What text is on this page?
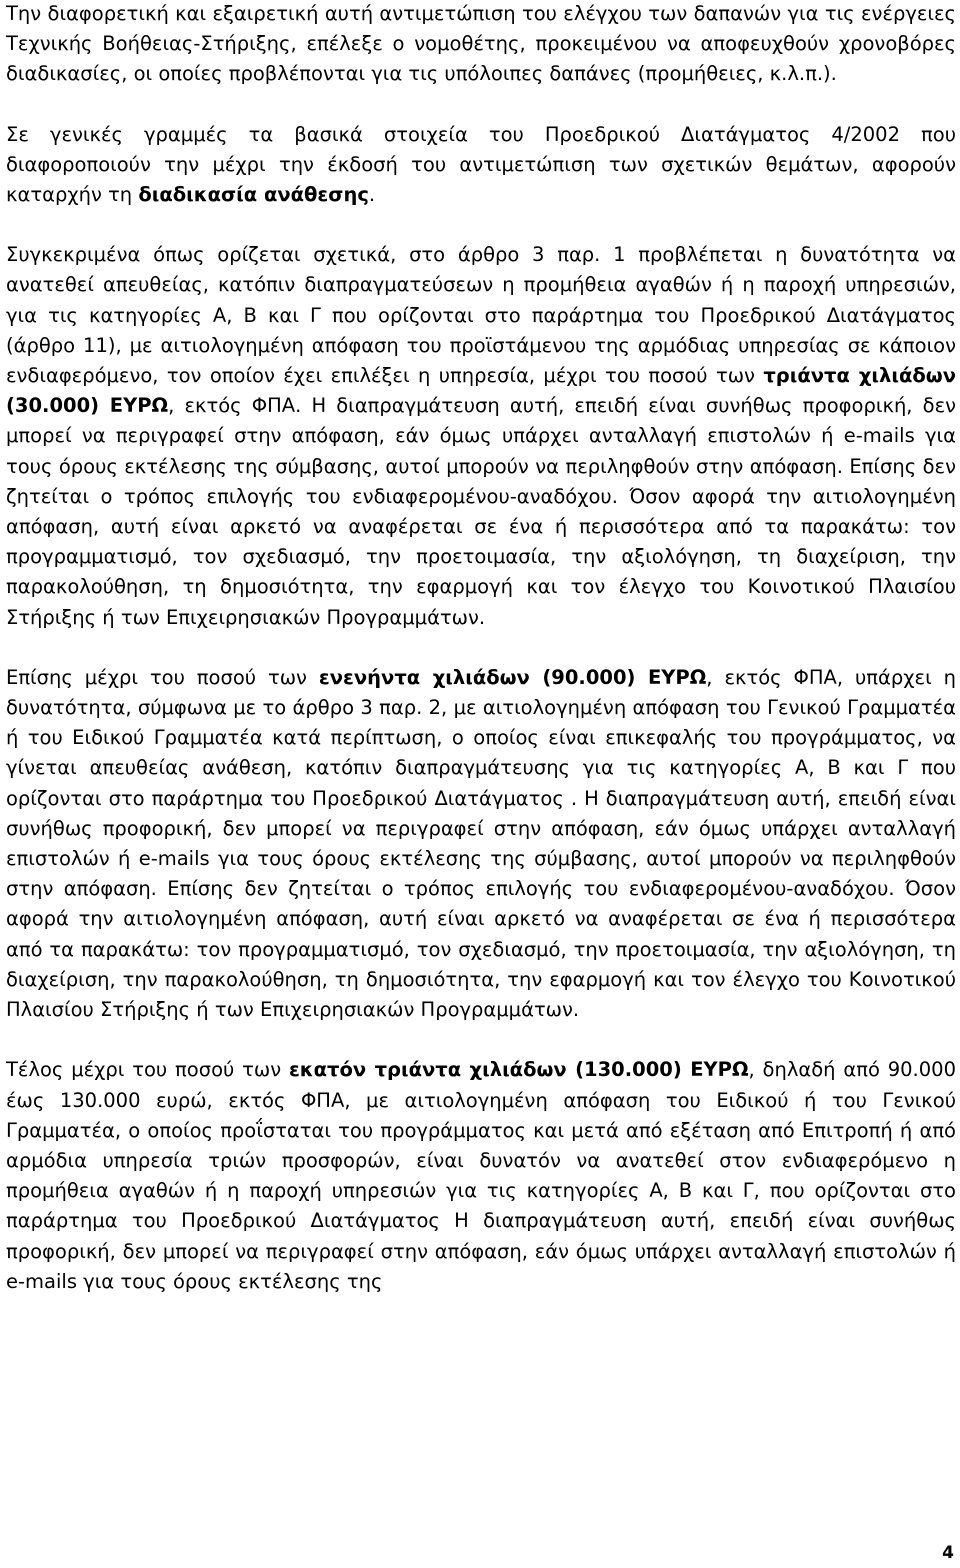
Την διαφορετική και εξαιρετική αυτή αντιμετώπιση του ελέγχου των δαπανών για τις ενέργειες Τεχνικής Βοήθειας-Στήριξης, επέλεξε ο νομοθέτης, προκειμένου να αποφευχθούν χρονοβόρες διαδικασίες, οι οποίες προβλέπονται για τις υπόλοιπες δαπάνες (προμήθειες, κ.λ.π.).

Σε γενικές γραμμές τα βασικά στοιχεία του Προεδρικού Διατάγματος 4/2002 που διαφοροποιούν την μέχρι την έκδοσή του αντιμετώπιση των σχετικών θεμάτων, αφορούν καταρχήν τη διαδικασία ανάθεσης.

Συγκεκριμένα όπως ορίζεται σχετικά, στο άρθρο 3 παρ. 1 προβλέπεται η δυνατότητα να ανατεθεί απευθείας, κατόπιν διαπραγματεύσεων η προμήθεια αγαθών ή η παροχή υπηρεσιών, για τις κατηγορίες Α, Β και Γ που ορίζονται στο παράρτημα του Προεδρικού Διατάγματος (άρθρο 11), με αιτιολογημένη απόφαση του προϊστάμενου της αρμόδιας υπηρεσίας σε κάποιον ενδιαφερόμενο, τον οποίον έχει επιλέξει η υπηρεσία, μέχρι του ποσού των τριάντα χιλιάδων (30.000) ΕΥΡΩ, εκτός ΦΠΑ. Η διαπραγμάτευση αυτή, επειδή είναι συνήθως προφορική, δεν μπορεί να περιγραφεί στην απόφαση, εάν όμως υπάρχει ανταλλαγή επιστολών ή e-mails για τους όρους εκτέλεσης της σύμβασης, αυτοί μπορούν να περιληφθούν στην απόφαση. Επίσης δεν ζητείται ο τρόπος επιλογής του ενδιαφερομένου-αναδόχου. Όσον αφορά την αιτιολογημένη απόφαση, αυτή είναι αρκετό να αναφέρεται σε ένα ή περισσότερα από τα παρακάτω: τον προγραμματισμό, τον σχεδιασμό, την προετοιμασία, την αξιολόγηση, τη διαχείριση, την παρακολούθηση, τη δημοσιότητα, την εφαρμογή και τον έλεγχο του Κοινοτικού Πλαισίου Στήριξης ή των Επιχειρησιακών Προγραμμάτων.

Επίσης μέχρι του ποσού των ενενήντα χιλιάδων (90.000) ΕΥΡΩ, εκτός ΦΠΑ, υπάρχει η δυνατότητα, σύμφωνα με το άρθρο 3 παρ. 2, με αιτιολογημένη απόφαση του Γενικού Γραμματέα ή του Ειδικού Γραμματέα κατά περίπτωση, ο οποίος είναι επικεφαλής του προγράμματος, να γίνεται απευθείας ανάθεση, κατόπιν διαπραγμάτευσης για τις κατηγορίες Α, Β και Γ που ορίζονται στο παράρτημα του Προεδρικού Διατάγματος . Η διαπραγμάτευση αυτή, επειδή είναι συνήθως προφορική, δεν μπορεί να περιγραφεί στην απόφαση, εάν όμως υπάρχει ανταλλαγή επιστολών ή e-mails για τους όρους εκτέλεσης της σύμβασης, αυτοί μπορούν να περιληφθούν στην απόφαση. Επίσης δεν ζητείται ο τρόπος επιλογής του ενδιαφερομένου-αναδόχου. Όσον αφορά την αιτιολογημένη απόφαση, αυτή είναι αρκετό να αναφέρεται σε ένα ή περισσότερα από τα παρακάτω: τον προγραμματισμό, τον σχεδιασμό, την προετοιμασία, την αξιολόγηση, τη διαχείριση, την παρακολούθηση, τη δημοσιότητα, την εφαρμογή και τον έλεγχο του Κοινοτικού Πλαισίου Στήριξης ή των Επιχειρησιακών Προγραμμάτων.

Τέλος μέχρι του ποσού των εκατόν τριάντα χιλιάδων (130.000) ΕΥΡΩ, δηλαδή από 90.000 έως 130.000 ευρώ, εκτός ΦΠΑ, με αιτιολογημένη απόφαση του Ειδικού ή του Γενικού Γραμματέα, ο οποίος προΐσταται του προγράμματος και μετά από εξέταση από Επιτροπή ή από αρμόδια υπηρεσία τριών προσφορών, είναι δυνατόν να ανατεθεί στον ενδιαφερόμενο η προμήθεια αγαθών ή η παροχή υπηρεσιών για τις κατηγορίες Α, Β και Γ, που ορίζονται στο παράρτημα του Προεδρικού Διατάγματος Η διαπραγμάτευση αυτή, επειδή είναι συνήθως προφορική, δεν μπορεί να περιγραφεί στην απόφαση, εάν όμως υπάρχει ανταλλαγή επιστολών ή e-mails για τους όρους εκτέλεσης της

4
